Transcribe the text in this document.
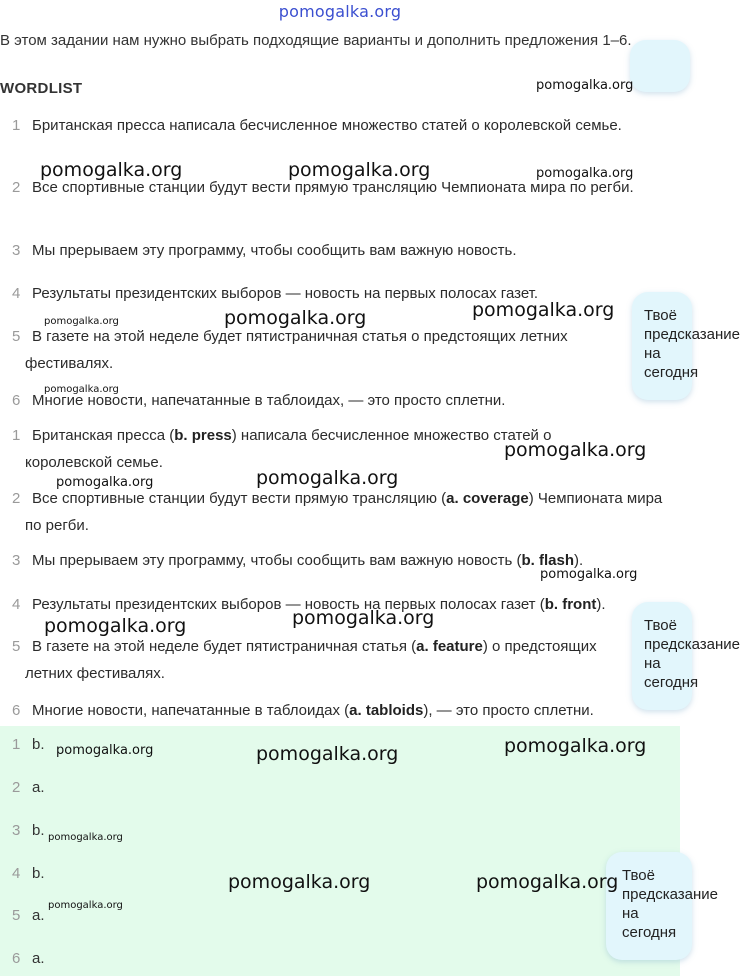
pomogalka.org
В этом задании нам нужно выбрать подходящие варианты и дополнить предложения 1–6.
WORDLIST
1 Британская пресса написала бесчисленное множество статей о королевской семье.
2 Все спортивные станции будут вести прямую трансляцию Чемпионата мира по регби.
3 Мы прерываем эту программу, чтобы сообщить вам важную новость.
4 Результаты президентских выборов — новость на первых полосах газет.
5 В газете на этой неделе будет пятистраничная статья о предстоящих летних фестивалях.
6 Многие новости, напечатанные в таблоидах, — это просто сплетни.
1 Британская пресса (b. press) написала бесчисленное множество статей о королевской семье.
2 Все спортивные станции будут вести прямую трансляцию (a. coverage) Чемпионата мира по регби.
3 Мы прерываем эту программу, чтобы сообщить вам важную новость (b. flash).
4 Результаты президентских выборов — новость на первых полосах газет (b. front).
5 В газете на этой неделе будет пятистраничная статья (a. feature) о предстоящих летних фестивалях.
6 Многие новости, напечатанные в таблоидах (a. tabloids), — это просто сплетни.
1 b.
2 a.
3 b.
4 b.
5 a.
6 a.
Твоё предсказание на сегодня
Твоё предсказание на сегодня
Твоё предсказание на сегодня
pomogalka.org
pomogalka.org	pomogalka.org	pomogalka.org
pomogalka.org	pomogalka.org	pomogalka.org
pomogalka.org
pomogalka.org
pomogalka.org
pomogalka.org
pomogalka.org
pomogalka.org
pomogalka.org
pomogalka.org	pomogalka.org	pomogalka.org
pomogalka.org
pomogalka.org	pomogalka.org
pomogalka.org
